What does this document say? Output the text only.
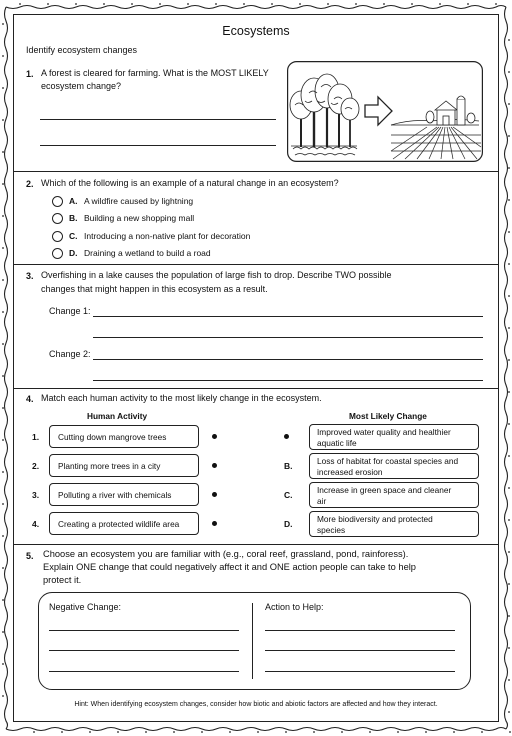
Ecosystems
Identify ecosystem changes
1. A forest is cleared for farming. What is the MOST LIKELY
ecosystem change?
2. Which of the following is an example of a natural change in an ecosystem?
A. A wildfire caused by lightning
B. Building a new shopping mall
C. Introducing a non-native plant for decoration
D. Draining a wetland to build a road
3. Overfishing in a lake causes the population of large fish to drop. Describe TWO possible
changes that might happen in this ecosystem as a result.
Change 1:
Change 2:
4. Match each human activity to the most likely change in the ecosystem.
Human Activity	Most Likely Change
1.	Cutting down mangrove trees	Improved water quality and healthier
aquatic life
2.	Planting more trees in a city	B.	Loss of habitat for coastal species and
increased erosion
3.	Polluting a river with chemicals	C.	Increase in green space and cleaner
air
4.	Creating a protected wildlife area	D.	More biodiversity and protected
species
5. Choose an ecosystem you are familiar with (e.g., coral reef, grassland, pond, rainforess).
Explain ONE change that could negatively affect it and ONE action people can take to help
protect it.
Negative Change:	Action to Help:
Hint: When identifying ecosystem changes, consider how biotic and abiotic factors are affected and how they interact.
